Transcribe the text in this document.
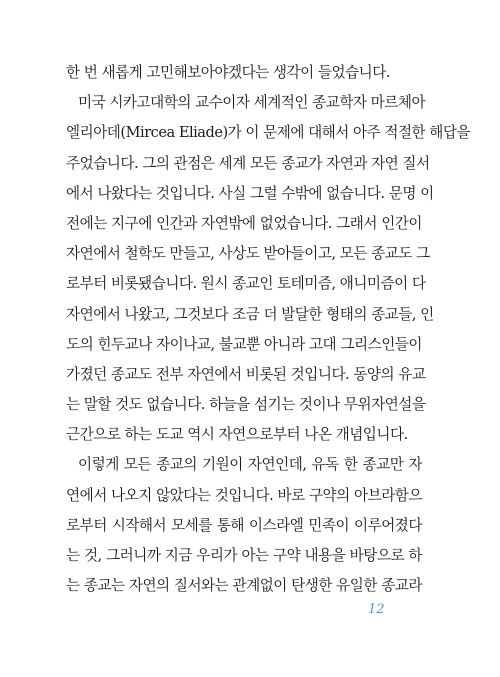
한 번 새롭게 고민해보아야겠다는 생각이 들었습니다.
미국 시카고대학의 교수이자 세계적인 종교학자 마르체아
엘리아데(Mircea Eliade)가 이 문제에 대해서 아주 적절한 해답을
주었습니다. 그의 관점은 세계 모든 종교가 자연과 자연 질서
에서 나왔다는 것입니다. 사실 그럴 수밖에 없습니다. 문명 이
전에는 지구에 인간과 자연밖에 없었습니다. 그래서 인간이
자연에서 철학도 만들고, 사상도 받아들이고, 모든 종교도 그
로부터 비롯됐습니다. 원시 종교인 토테미즘, 애니미즘이 다
자연에서 나왔고, 그것보다 조금 더 발달한 형태의 종교들, 인
도의 힌두교나 자이나교, 불교뿐 아니라 고대 그리스인들이
가졌던 종교도 전부 자연에서 비롯된 것입니다. 동양의 유교
는 말할 것도 없습니다. 하늘을 섬기는 것이나 무위자연설을
근간으로 하는 도교 역시 자연으로부터 나온 개념입니다.
이렇게 모든 종교의 기원이 자연인데, 유독 한 종교만 자
연에서 나오지 않았다는 것입니다. 바로 구약의 아브라함으
로부터 시작해서 모세를 통해 이스라엘 민족이 이루어졌다
는 것, 그러니까 지금 우리가 아는 구약 내용을 바탕으로 하
는 종교는 자연의 질서와는 관계없이 탄생한 유일한 종교라
12
